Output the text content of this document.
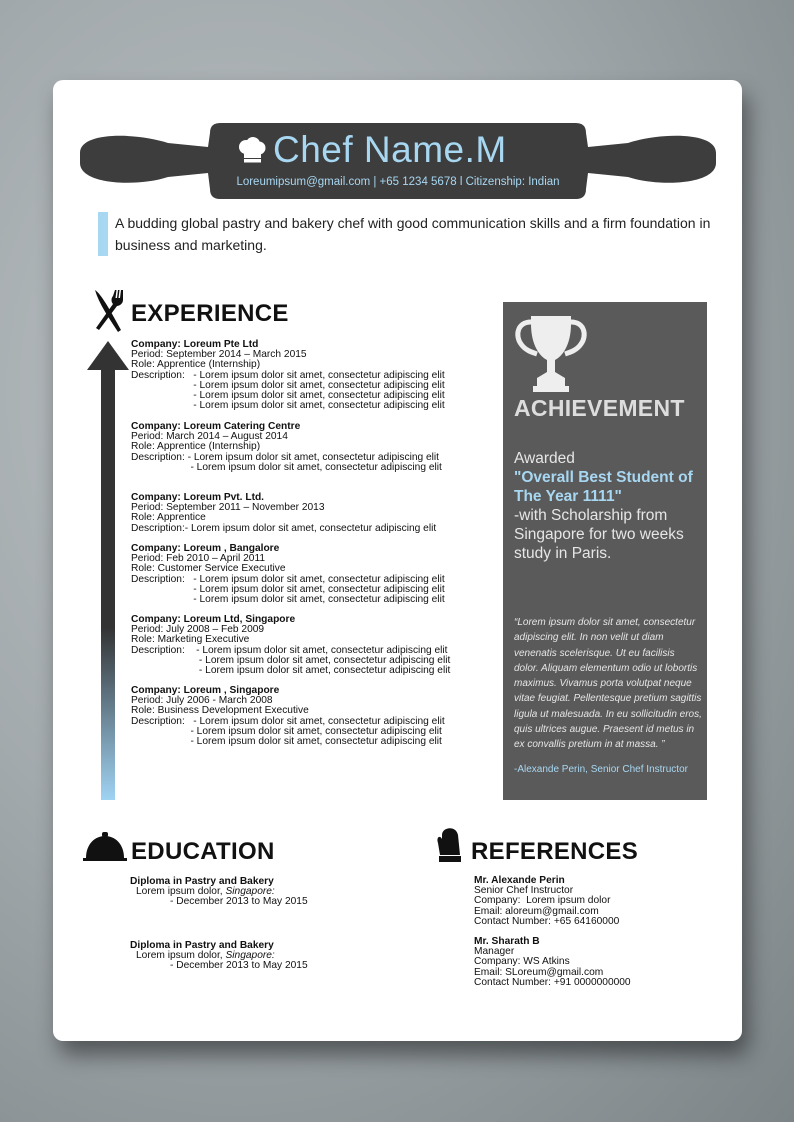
Chef Name.M
Loreumipsum@gmail.com | +65 1234 5678 l Citizenship: Indian
A budding global pastry and bakery chef with good communication skills and a firm foundation in business and marketing.
EXPERIENCE
Company: Loreum Pte Ltd
Period: September 2014 – March 2015
Role: Apprentice (Internship)
Description:   - Lorem ipsum dolor sit amet, consectetur adipiscing elit
- Lorem ipsum dolor sit amet, consectetur adipiscing elit
- Lorem ipsum dolor sit amet, consectetur adipiscing elit
- Lorem ipsum dolor sit amet, consectetur adipiscing elit
Company: Loreum Catering Centre
Period: March 2014 – August 2014
Role: Apprentice (Internship)
Description: - Lorem ipsum dolor sit amet, consectetur adipiscing elit
- Lorem ipsum dolor sit amet, consectetur adipiscing elit
Company: Loreum Pvt. Ltd.
Period: September 2011 – November 2013
Role: Apprentice
Description:- Lorem ipsum dolor sit amet, consectetur adipiscing elit
Company: Loreum , Bangalore
Period: Feb 2010 – April 2011
Role: Customer Service Executive
Description:   - Lorem ipsum dolor sit amet, consectetur adipiscing elit
- Lorem ipsum dolor sit amet, consectetur adipiscing elit
- Lorem ipsum dolor sit amet, consectetur adipiscing elit
Company: Loreum Ltd, Singapore
Period: July 2008 – Feb 2009
Role: Marketing Executive
Description:    - Lorem ipsum dolor sit amet, consectetur adipiscing elit
- Lorem ipsum dolor sit amet, consectetur adipiscing elit
- Lorem ipsum dolor sit amet, consectetur adipiscing elit
Company: Loreum , Singapore
Period: July 2006 - March 2008
Role: Business Development Executive
Description:   - Lorem ipsum dolor sit amet, consectetur adipiscing elit
- Lorem ipsum dolor sit amet, consectetur adipiscing elit
- Lorem ipsum dolor sit amet, consectetur adipiscing elit
ACHIEVEMENT
Awarded
"Overall Best Student of The Year 1111"
-with Scholarship from Singapore for two weeks study in Paris.
“Lorem ipsum dolor sit amet, consectetur adipiscing elit. In non velit ut diam venenatis scelerisque. Ut eu facilisis dolor. Aliquam elementum odio ut lobortis maximus. Vivamus porta volutpat neque vitae feugiat. Pellentesque pretium sagittis ligula ut malesuada. In eu sollicitudin eros, quis ultrices augue. Praesent id metus in ex convallis pretium in at massa. ”
-Alexande Perin, Senior Chef Instructor
EDUCATION
Diploma in Pastry and Bakery
Lorem ipsum dolor, Singapore:
- December 2013 to May 2015
Diploma in Pastry and Bakery
Lorem ipsum dolor, Singapore:
- December 2013 to May 2015
REFERENCES
Mr. Alexande Perin
Senior Chef Instructor
Company:  Lorem ipsum dolor
Email: aloreum@gmail.com
Contact Number: +65 64160000
Mr. Sharath B
Manager
Company: WS Atkins
Email: SLoreum@gmail.com
Contact Number: +91 0000000000
